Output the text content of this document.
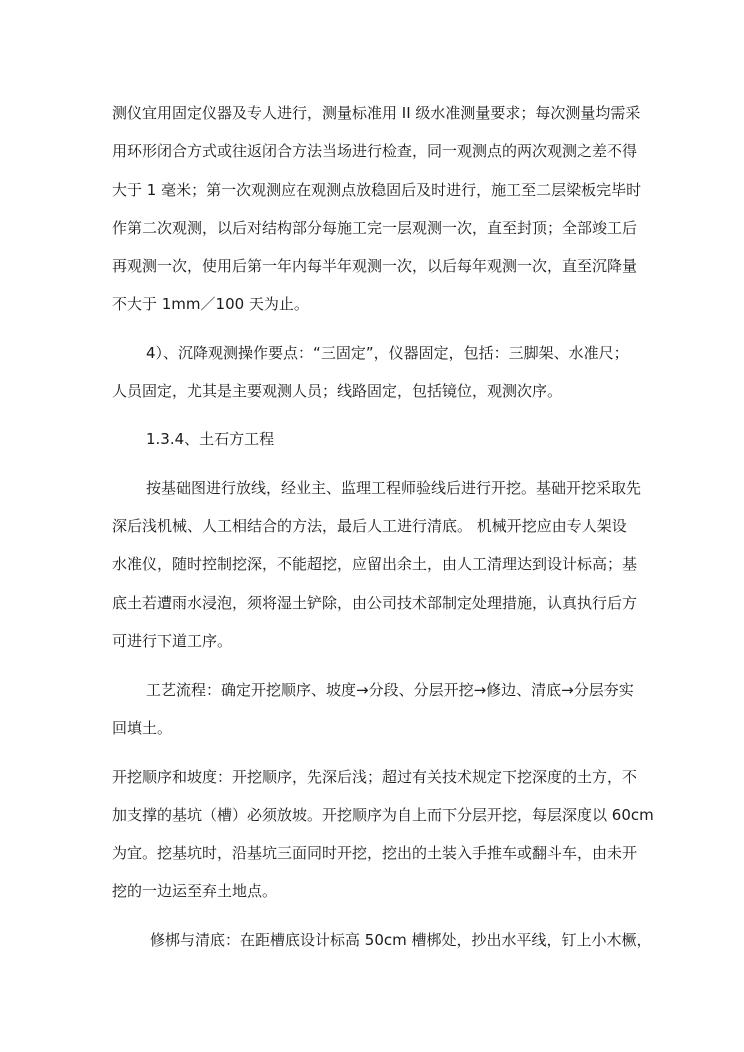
测仪宜用固定仪器及专人进行，测量标准用 II 级水准测量要求；每次测量均需采
用环形闭合方式或往返闭合方法当场进行检查，同一观测点的两次观测之差不得
大于 1 毫米；第一次观测应在观测点放稳固后及时进行，施工至二层梁板完毕时
作第二次观测，以后对结构部分每施工完一层观测一次，直至封顶；全部竣工后
再观测一次，使用后第一年内每半年观测一次，以后每年观测一次，直至沉降量
不大于 1mm／100 天为止。
4）、沉降观测操作要点：“三固定”，仪器固定，包括：三脚架、水准尺；
人员固定，尤其是主要观测人员；线路固定，包括镜位，观测次序。
1.3.4、土石方工程
按基础图进行放线，经业主、监理工程师验线后进行开挖。基础开挖采取先
深后浅机械、人工相结合的方法，最后人工进行清底。 机械开挖应由专人架设
水准仪，随时控制挖深，不能超挖，应留出余土，由人工清理达到设计标高；基
底土若遭雨水浸泡，须将湿土铲除，由公司技术部制定处理措施，认真执行后方
可进行下道工序。
工艺流程：确定开挖顺序、坡度→分段、分层开挖→修边、清底→分层夯实
回填土。
开挖顺序和坡度：开挖顺序，先深后浅；超过有关技术规定下挖深度的土方，不
加支撑的基坑（槽）必须放坡。开挖顺序为自上而下分层开挖，每层深度以 60cm
为宜。挖基坑时，沿基坑三面同时开挖，挖出的土装入手推车或翻斗车，由未开
挖的一边运至弃土地点。
修梆与清底：在距槽底设计标高 50cm 槽梆处，抄出水平线，钉上小木橛，
